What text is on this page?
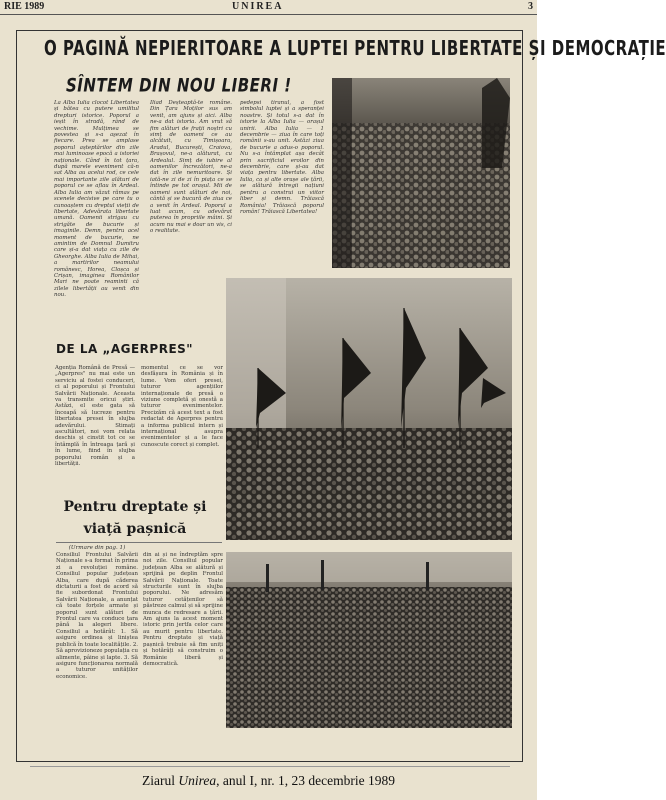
RIE 1989	UNIREA	3
O PAGINĂ NEPIERITOARE A LUPTEI PENTRU LIBERTATE ȘI DEMOCRAȚIE
SÎNTEM DIN NOU LIBERI !

La Alba Iulia clocot Libertatea și bătea cu putere umilitul drepturi istorice. Poporul a ieșit în stradă, rând de vechime. Mulțimea se povestea și s-a aşezat în fiecare. Prea se amplase poporul așteptărilor din zile mai luminoase epocă a istoriei naționale. Când în tot țara, după marele eveniment că-n sat Alba au acelui rod, ce cele mai importante zile alături de poporul ce se aflau în Ardeal. Alba Iulia am văzut rămas pe scenele decisive pe care tu o cunoaștem cu dreptul vieții de libertate, Adevărata libertate umană. Oamenii strigau cu strigăte de bucurie și imaginile. Demn, pentru acel moment de bucurie, ne amintim de Domnul Dumitru care și-a dat viața cu zile de Gheorghe. Alba Iulia de Mihai, a martirilor neamului românesc, Horea, Cloșca și Crișan, imaginea Românilor Mari ne poate reaminti că zilele libertății au venit din nou.

Iliad Deșteaptă-te române. Din Țara Moților sus am venit, am ajuns și aici. Alba ne-a dat istoria. Am vrut să fim alături de frații noștri cu simț de oameni ce au alcătuit, cu Timișoara, Aradul, București, Craiova, Brașovul, ne-a alăturat, cu Ardealul. Simț de iubire al oamenilor încrezători, ne-a dat în zile nemuritoare. Și iată-ne zi de zi în piața ce se întinde pe tot orașul. Mii de oameni sunt alături de noi, cântă și se bucură de ziua ce a venit în Ardeal. Poporul a luat acum, cu adevărat puterea în propriile mâini. Și acum nu mai e doar un vis, ci o realitate.

pedepsi tiranul, a fost simbolul luptei și a speranței noastre. Și totul s-a dat în istorie la Alba Iulia — orașul unirii. Alba Iulia — 1 decembrie — ziua în care toți românii s-au unit. Astăzi ziua de bucurie a adus-o poporul. Nu s-a întâmplat așa decât prin sacrificiul eroilor din decembrie, care și-au dat viața pentru libertate. Alba Iulia, ca și alte orașe ale țării, se alătură întregii națiuni pentru a construi un viitor liber și demn. Trăiască România! Trăiască poporul român! Trăiască Libertatea!

DE LA „AGERPRES"

Agenția Română de Presă — „Agerpres" nu mai este un serviciu al fostei conduceri, ci al poporului și Frontului Salvării Naționale. Aceasta va transmite oricui știri. Astăzi, el este gata să înceapă să lucreze pentru libertatea presei în slujba adevărului. Stimați ascultători, noi vom relata deschis și cinstit tot ce se întâmplă în întreaga țară și în lume, fiind în slujba poporului român și a libertății.

momentul ce se vor desfășura în România și în lume. Vom oferi presei, tuturor agențiilor internaționale de presă o viziune completă și onestă a tuturor evenimentelor. Precizăm că acest text a fost redactat de Agerpres pentru a informa publicul intern și internațional asupra evenimentelor și a le face cunoscute corect și complet.

Pentru dreptate și
viață pașnică
(Urmare din pag. 1)

Consiliul Frontului Salvării Naționale s-a format în prima zi a revoluției române. Consiliul popular județean Alba, care după căderea dictaturii a fost de acord să fie subordonat Frontului Salvării Naționale, a anunțat că toate forțele armate și poporul sunt alături de Frontul care va conduce țara până la alegeri libere. Consiliul a hotărât: 1. Să asigure ordinea și liniștea publică în toate localitățile. 2. Să aprovizioneze populația cu alimente, pâine și lapte. 3. Să asigure funcționarea normală a tuturor unităților economice.

din ai și ne îndreptăm spre noi zile. Consiliul popular județean Alba se alătură și sprijină pe deplin Frontul Salvării Naționale. Toate structurile sunt în slujba poporului. Ne adresăm tuturor cetățenilor să păstreze calmul și să sprijine munca de redresare a țării. Am ajuns la acest moment istoric prin jertfa celor care au murit pentru libertate. Pentru dreptate și viață pașnică trebuie să fim uniți și hotărâți să construim o Românie liberă și democratică.

Ziarul Unirea, anul I, nr. 1, 23 decembrie 1989
